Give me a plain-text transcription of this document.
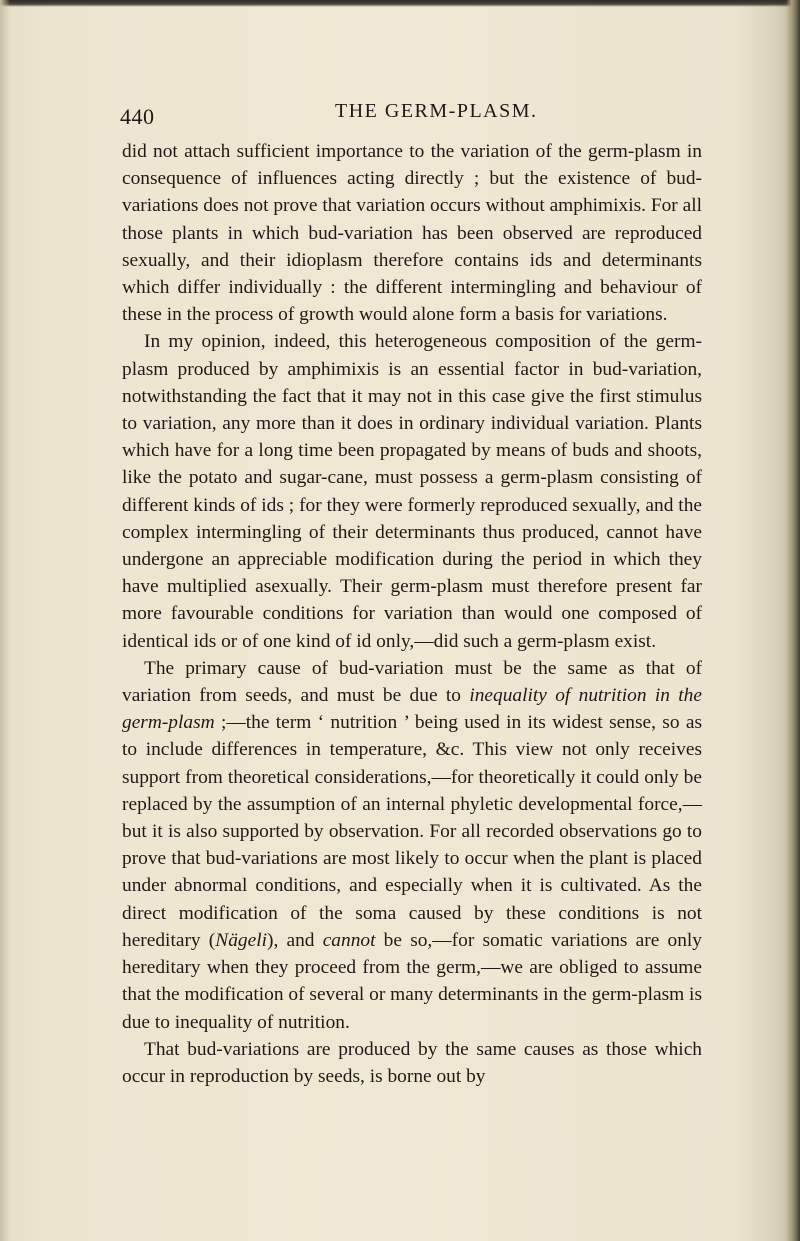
440	THE GERM-PLASM.

did not attach sufficient importance to the variation of the germ-plasm in consequence of influences acting directly ; but the existence of bud-variations does not prove that variation occurs without amphimixis. For all those plants in which bud-variation has been observed are reproduced sexually, and their idioplasm therefore contains ids and determinants which differ individually : the different intermingling and behaviour of these in the process of growth would alone form a basis for variations.

In my opinion, indeed, this heterogeneous composition of the germ-plasm produced by amphimixis is an essential factor in bud-variation, notwithstanding the fact that it may not in this case give the first stimulus to variation, any more than it does in ordinary individual variation. Plants which have for a long time been propagated by means of buds and shoots, like the potato and sugar-cane, must possess a germ-plasm consisting of different kinds of ids ; for they were formerly reproduced sexually, and the complex intermingling of their determinants thus produced, cannot have undergone an appreciable modification during the period in which they have multiplied asexually. Their germ-plasm must therefore present far more favourable conditions for variation than would one composed of identical ids or of one kind of id only,—did such a germ-plasm exist.

The primary cause of bud-variation must be the same as that of variation from seeds, and must be due to inequality of nutrition in the germ-plasm ;—the term ‘ nutrition ’ being used in its widest sense, so as to include differences in temperature, &c. This view not only receives support from theoretical considerations,—for theoretically it could only be replaced by the assumption of an internal phyletic developmental force,—but it is also supported by observation. For all recorded observations go to prove that bud-variations are most likely to occur when the plant is placed under abnormal conditions, and especially when it is cultivated. As the direct modification of the soma caused by these conditions is not hereditary (Nägeli), and cannot be so,—for somatic variations are only hereditary when they proceed from the germ,—we are obliged to assume that the modification of several or many determinants in the germ-plasm is due to inequality of nutrition.

That bud-variations are produced by the same causes as those which occur in reproduction by seeds, is borne out by
